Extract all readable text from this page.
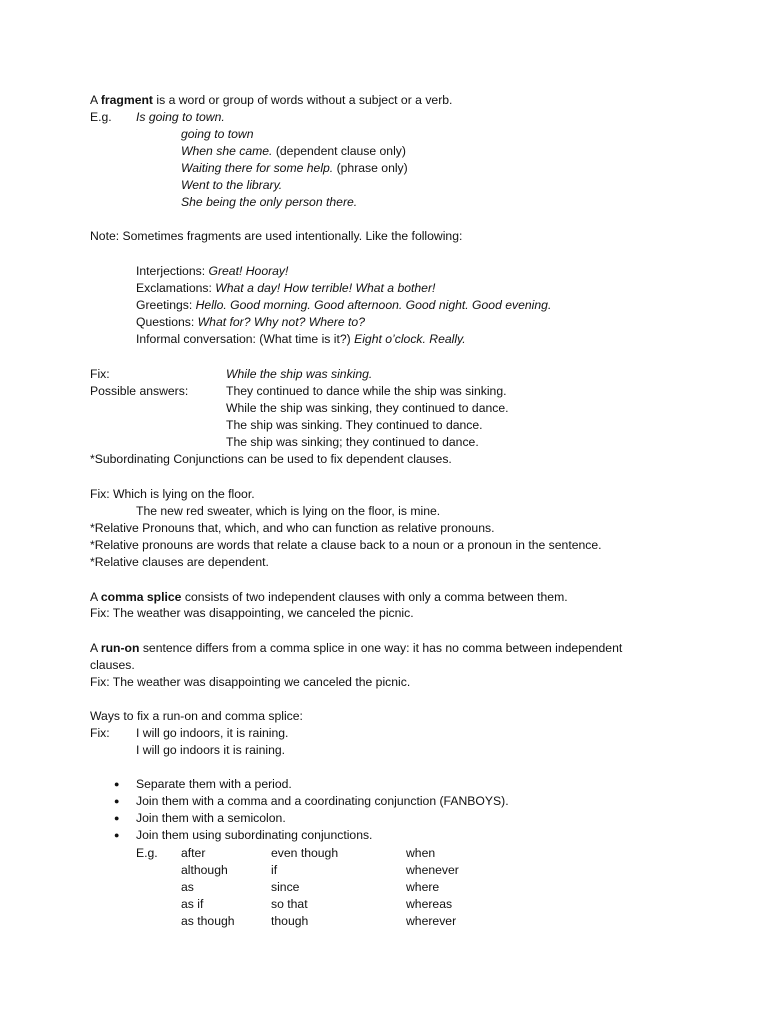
A fragment is a word or group of words without a subject or a verb.
E.g. Is going to town.
going to town
When she came. (dependent clause only)
Waiting there for some help. (phrase only)
Went to the library.
She being the only person there.
Note: Sometimes fragments are used intentionally. Like the following:
Interjections: Great! Hooray!
Exclamations: What a day! How terrible! What a bother!
Greetings: Hello. Good morning. Good afternoon. Good night. Good evening.
Questions: What for? Why not? Where to?
Informal conversation: (What time is it?) Eight o’clock. Really.
Fix:	While the ship was sinking.
Possible answers:	They continued to dance while the ship was sinking.
While the ship was sinking, they continued to dance.
The ship was sinking. They continued to dance.
The ship was sinking; they continued to dance.
*Subordinating Conjunctions can be used to fix dependent clauses.
Fix: Which is lying on the floor.
The new red sweater, which is lying on the floor, is mine.
*Relative Pronouns that, which, and who can function as relative pronouns.
*Relative pronouns are words that relate a clause back to a noun or a pronoun in the sentence.
*Relative clauses are dependent.
A comma splice consists of two independent clauses with only a comma between them.
Fix: The weather was disappointing, we canceled the picnic.
A run-on sentence differs from a comma splice in one way: it has no comma between independent
clauses.
Fix: The weather was disappointing we canceled the picnic.
Ways to fix a run-on and comma splice:
Fix: I will go indoors, it is raining.
I will go indoors it is raining.
● Separate them with a period.
● Join them with a comma and a coordinating conjunction (FANBOYS).
● Join them with a semicolon.
● Join them using subordinating conjunctions.
E.g. after	even though	when
although	if	whenever
as	since	where
as if	so that	whereas
as though	though	wherever
